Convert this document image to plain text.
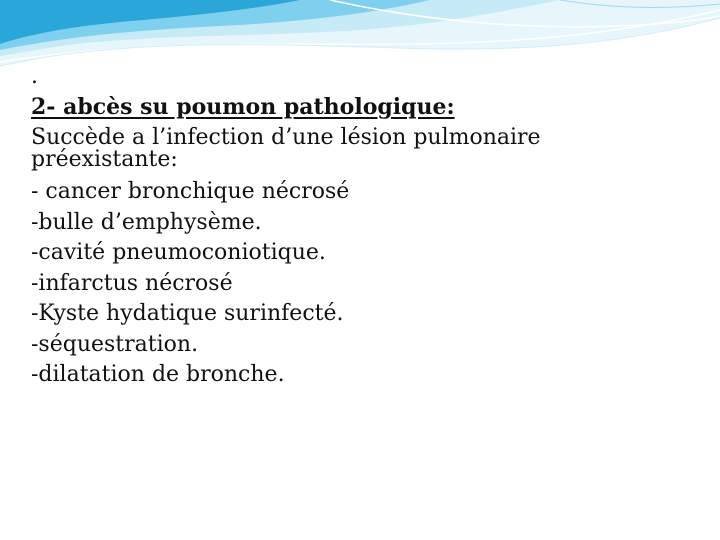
.

2- abcès su poumon pathologique:

Succède a l’infection d’une lésion pulmonaire

préexistante:

- cancer bronchique nécrosé

-bulle d’emphysème.

-cavité pneumoconiotique.

-infarctus nécrosé

-Kyste hydatique surinfecté.

-séquestration.

-dilatation de bronche.
